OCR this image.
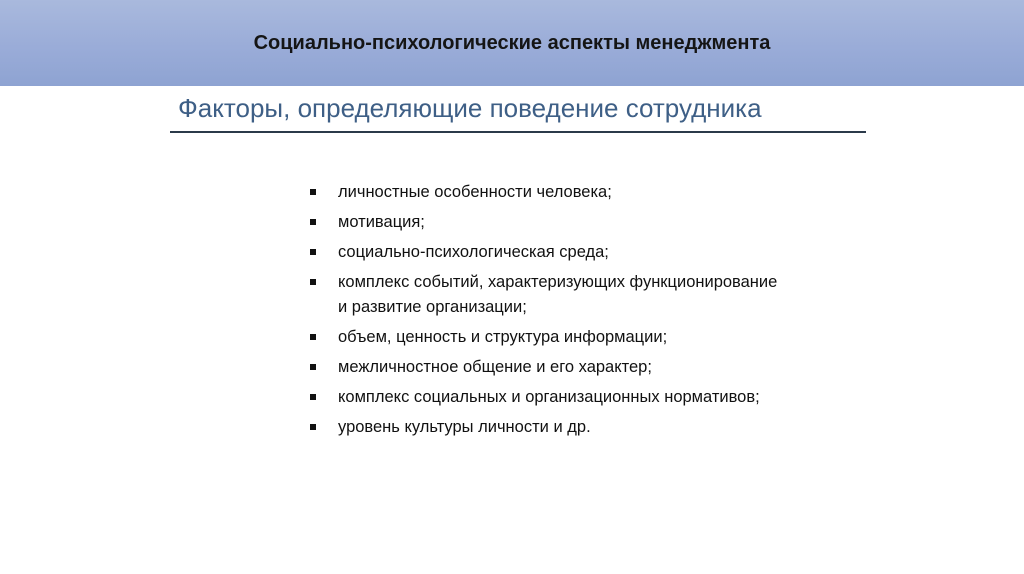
Социально-психологические аспекты менеджмента
Факторы, определяющие поведение сотрудника
личностные особенности человека;
мотивация;
социально-психологическая среда;
комплекс событий, характеризующих функционирование и развитие организации;
объем, ценность и структура информации;
межличностное общение и его характер;
комплекс социальных и организационных нормативов;
уровень культуры личности и др.
